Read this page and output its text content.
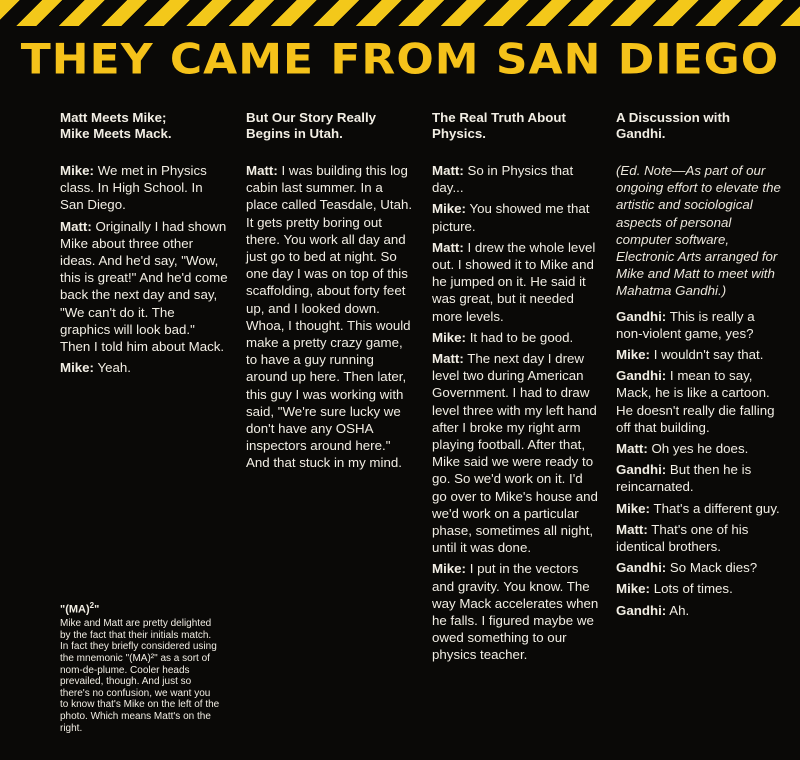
THEY CAME FROM SAN DIEGO
Matt Meets Mike;
Mike Meets Mack.
Mike: We met in Physics class. In High School. In San Diego.
Matt: Originally I had shown Mike about three other ideas. And he'd say, "Wow, this is great!" And he'd come back the next day and say, "We can't do it. The graphics will look bad." Then I told him about Mack.
Mike: Yeah.
But Our Story Really
Begins in Utah.
Matt: I was building this log cabin last summer. In a place called Teasdale, Utah. It gets pretty boring out there. You work all day and just go to bed at night. So one day I was on top of this scaffolding, about forty feet up, and I looked down. Whoa, I thought. This would make a pretty crazy game, to have a guy running around up here. Then later, this guy I was working with said, "We're sure lucky we don't have any OSHA inspectors around here." And that stuck in my mind.
The Real Truth About
Physics.
Matt: So in Physics that day...
Mike: You showed me that picture.
Matt: I drew the whole level out. I showed it to Mike and he jumped on it. He said it was great, but it needed more levels.
Mike: It had to be good.
Matt: The next day I drew level two during American Government. I had to draw level three with my left hand after I broke my right arm playing football. After that, Mike said we were ready to go. So we'd work on it. I'd go over to Mike's house and we'd work on a particular phase, sometimes all night, until it was done.
Mike: I put in the vectors and gravity. You know. The way Mack accelerates when he falls. I figured maybe we owed something to our physics teacher.
A Discussion with
Gandhi.
(Ed. Note—As part of our ongoing effort to elevate the artistic and sociological aspects of personal computer software, Electronic Arts arranged for Mike and Matt to meet with Mahatma Gandhi.)
Gandhi: This is really a non-violent game, yes?
Mike: I wouldn't say that.
Gandhi: I mean to say, Mack, he is like a cartoon. He doesn't really die falling off that building.
Matt: Oh yes he does.
Gandhi: But then he is reincarnated.
Mike: That's a different guy.
Matt: That's one of his identical brothers.
Gandhi: So Mack dies?
Mike: Lots of times.
Gandhi: Ah.
"(MA)$^2$"
Mike and Matt are pretty delighted by the fact that their initials match. In fact they briefly considered using the mnemonic "(MA)²" as a sort of nom-de-plume. Cooler heads prevailed, though. And just so there's no confusion, we want you to know that's Mike on the left of the photo. Which means Matt's on the right.
